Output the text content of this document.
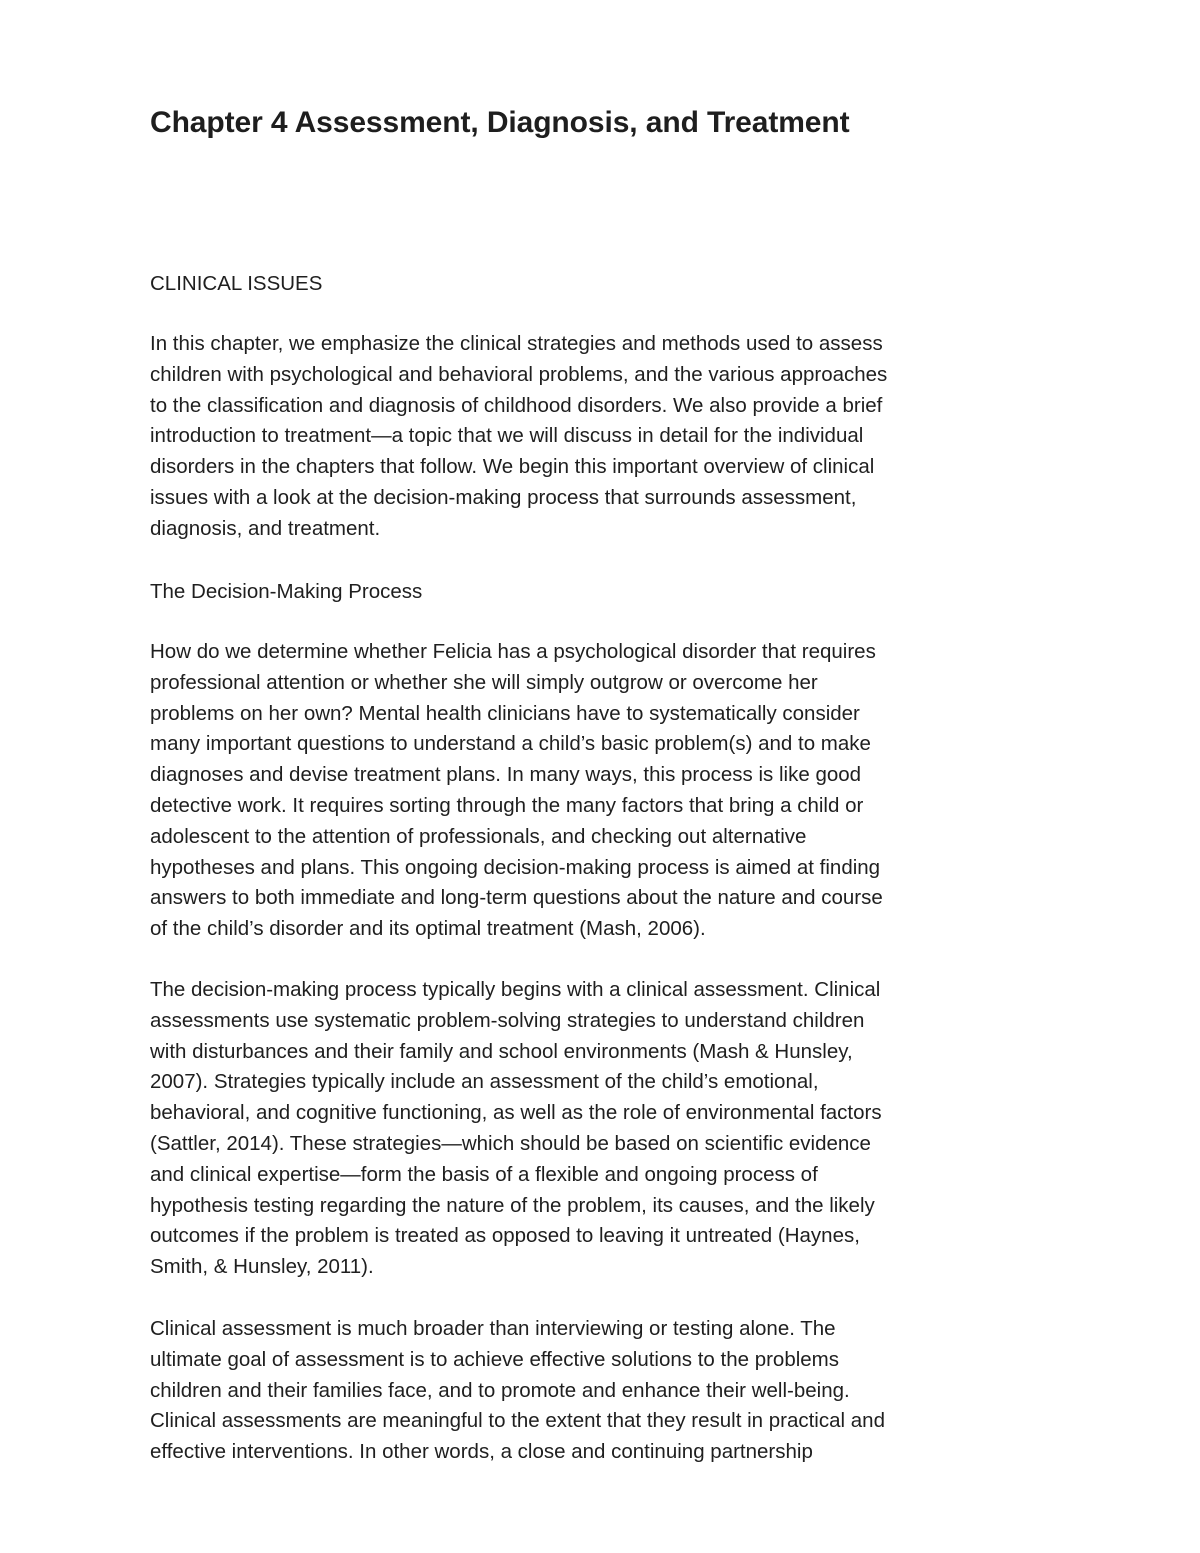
Chapter 4 Assessment, Diagnosis, and Treatment

CLINICAL ISSUES

In this chapter, we emphasize the clinical strategies and methods used to assess
children with psychological and behavioral problems, and the various approaches
to the classification and diagnosis of childhood disorders. We also provide a brief
introduction to treatment—a topic that we will discuss in detail for the individual
disorders in the chapters that follow. We begin this important overview of clinical
issues with a look at the decision-making process that surrounds assessment,
diagnosis, and treatment.

The Decision-Making Process

How do we determine whether Felicia has a psychological disorder that requires
professional attention or whether she will simply outgrow or overcome her
problems on her own? Mental health clinicians have to systematically consider
many important questions to understand a child’s basic problem(s) and to make
diagnoses and devise treatment plans. In many ways, this process is like good
detective work. It requires sorting through the many factors that bring a child or
adolescent to the attention of professionals, and checking out alternative
hypotheses and plans. This ongoing decision-making process is aimed at finding
answers to both immediate and long-term questions about the nature and course
of the child’s disorder and its optimal treatment (Mash, 2006).

The decision-making process typically begins with a clinical assessment. Clinical
assessments use systematic problem-solving strategies to understand children
with disturbances and their family and school environments (Mash & Hunsley,
2007). Strategies typically include an assessment of the child’s emotional,
behavioral, and cognitive functioning, as well as the role of environmental factors
(Sattler, 2014). These strategies—which should be based on scientific evidence
and clinical expertise—form the basis of a flexible and ongoing process of
hypothesis testing regarding the nature of the problem, its causes, and the likely
outcomes if the problem is treated as opposed to leaving it untreated (Haynes,
Smith, & Hunsley, 2011).

Clinical assessment is much broader than interviewing or testing alone. The
ultimate goal of assessment is to achieve effective solutions to the problems
children and their families face, and to promote and enhance their well-being.
Clinical assessments are meaningful to the extent that they result in practical and
effective interventions. In other words, a close and continuing partnership
